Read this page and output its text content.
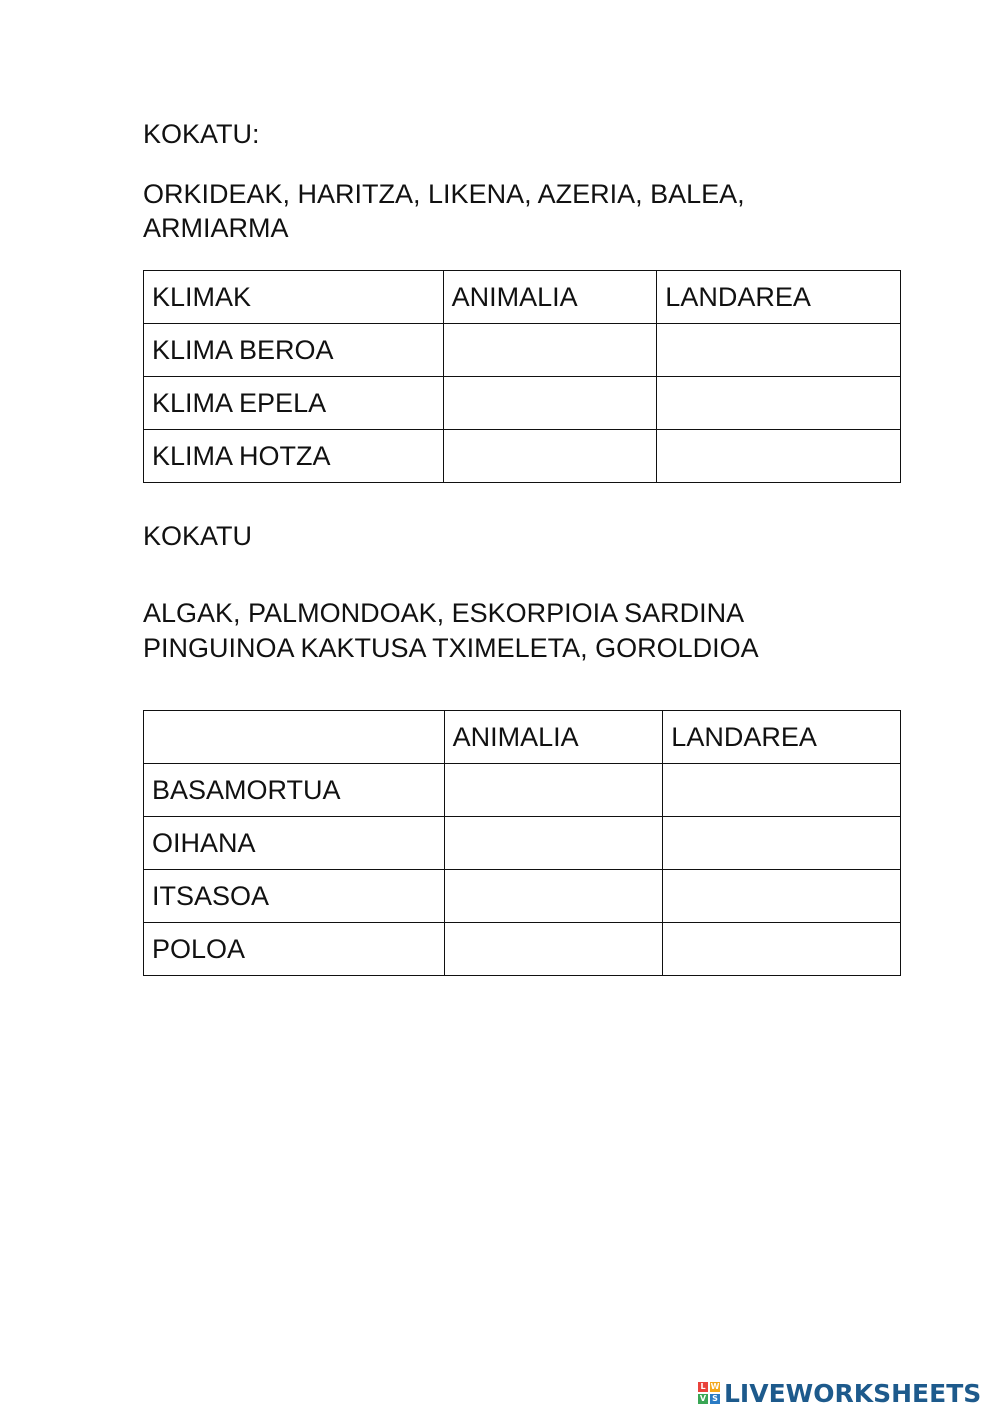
KOKATU:

ORKIDEAK, HARITZA, LIKENA, AZERIA, BALEA,

ARMIARMA

KLIMAK	ANIMALIA	LANDAREA
KLIMA BEROA		
KLIMA EPELA		
KLIMA HOTZA		

KOKATU

ALGAK, PALMONDOAK, ESKORPIOIA SARDINA

PINGUINOA KAKTUSA TXIMELETA, GOROLDIOA

	ANIMALIA	LANDAREA
BASAMORTUA		
OIHANA		
ITSASOA		
POLOA		
L W
V S LIVEWORKSHEETS
